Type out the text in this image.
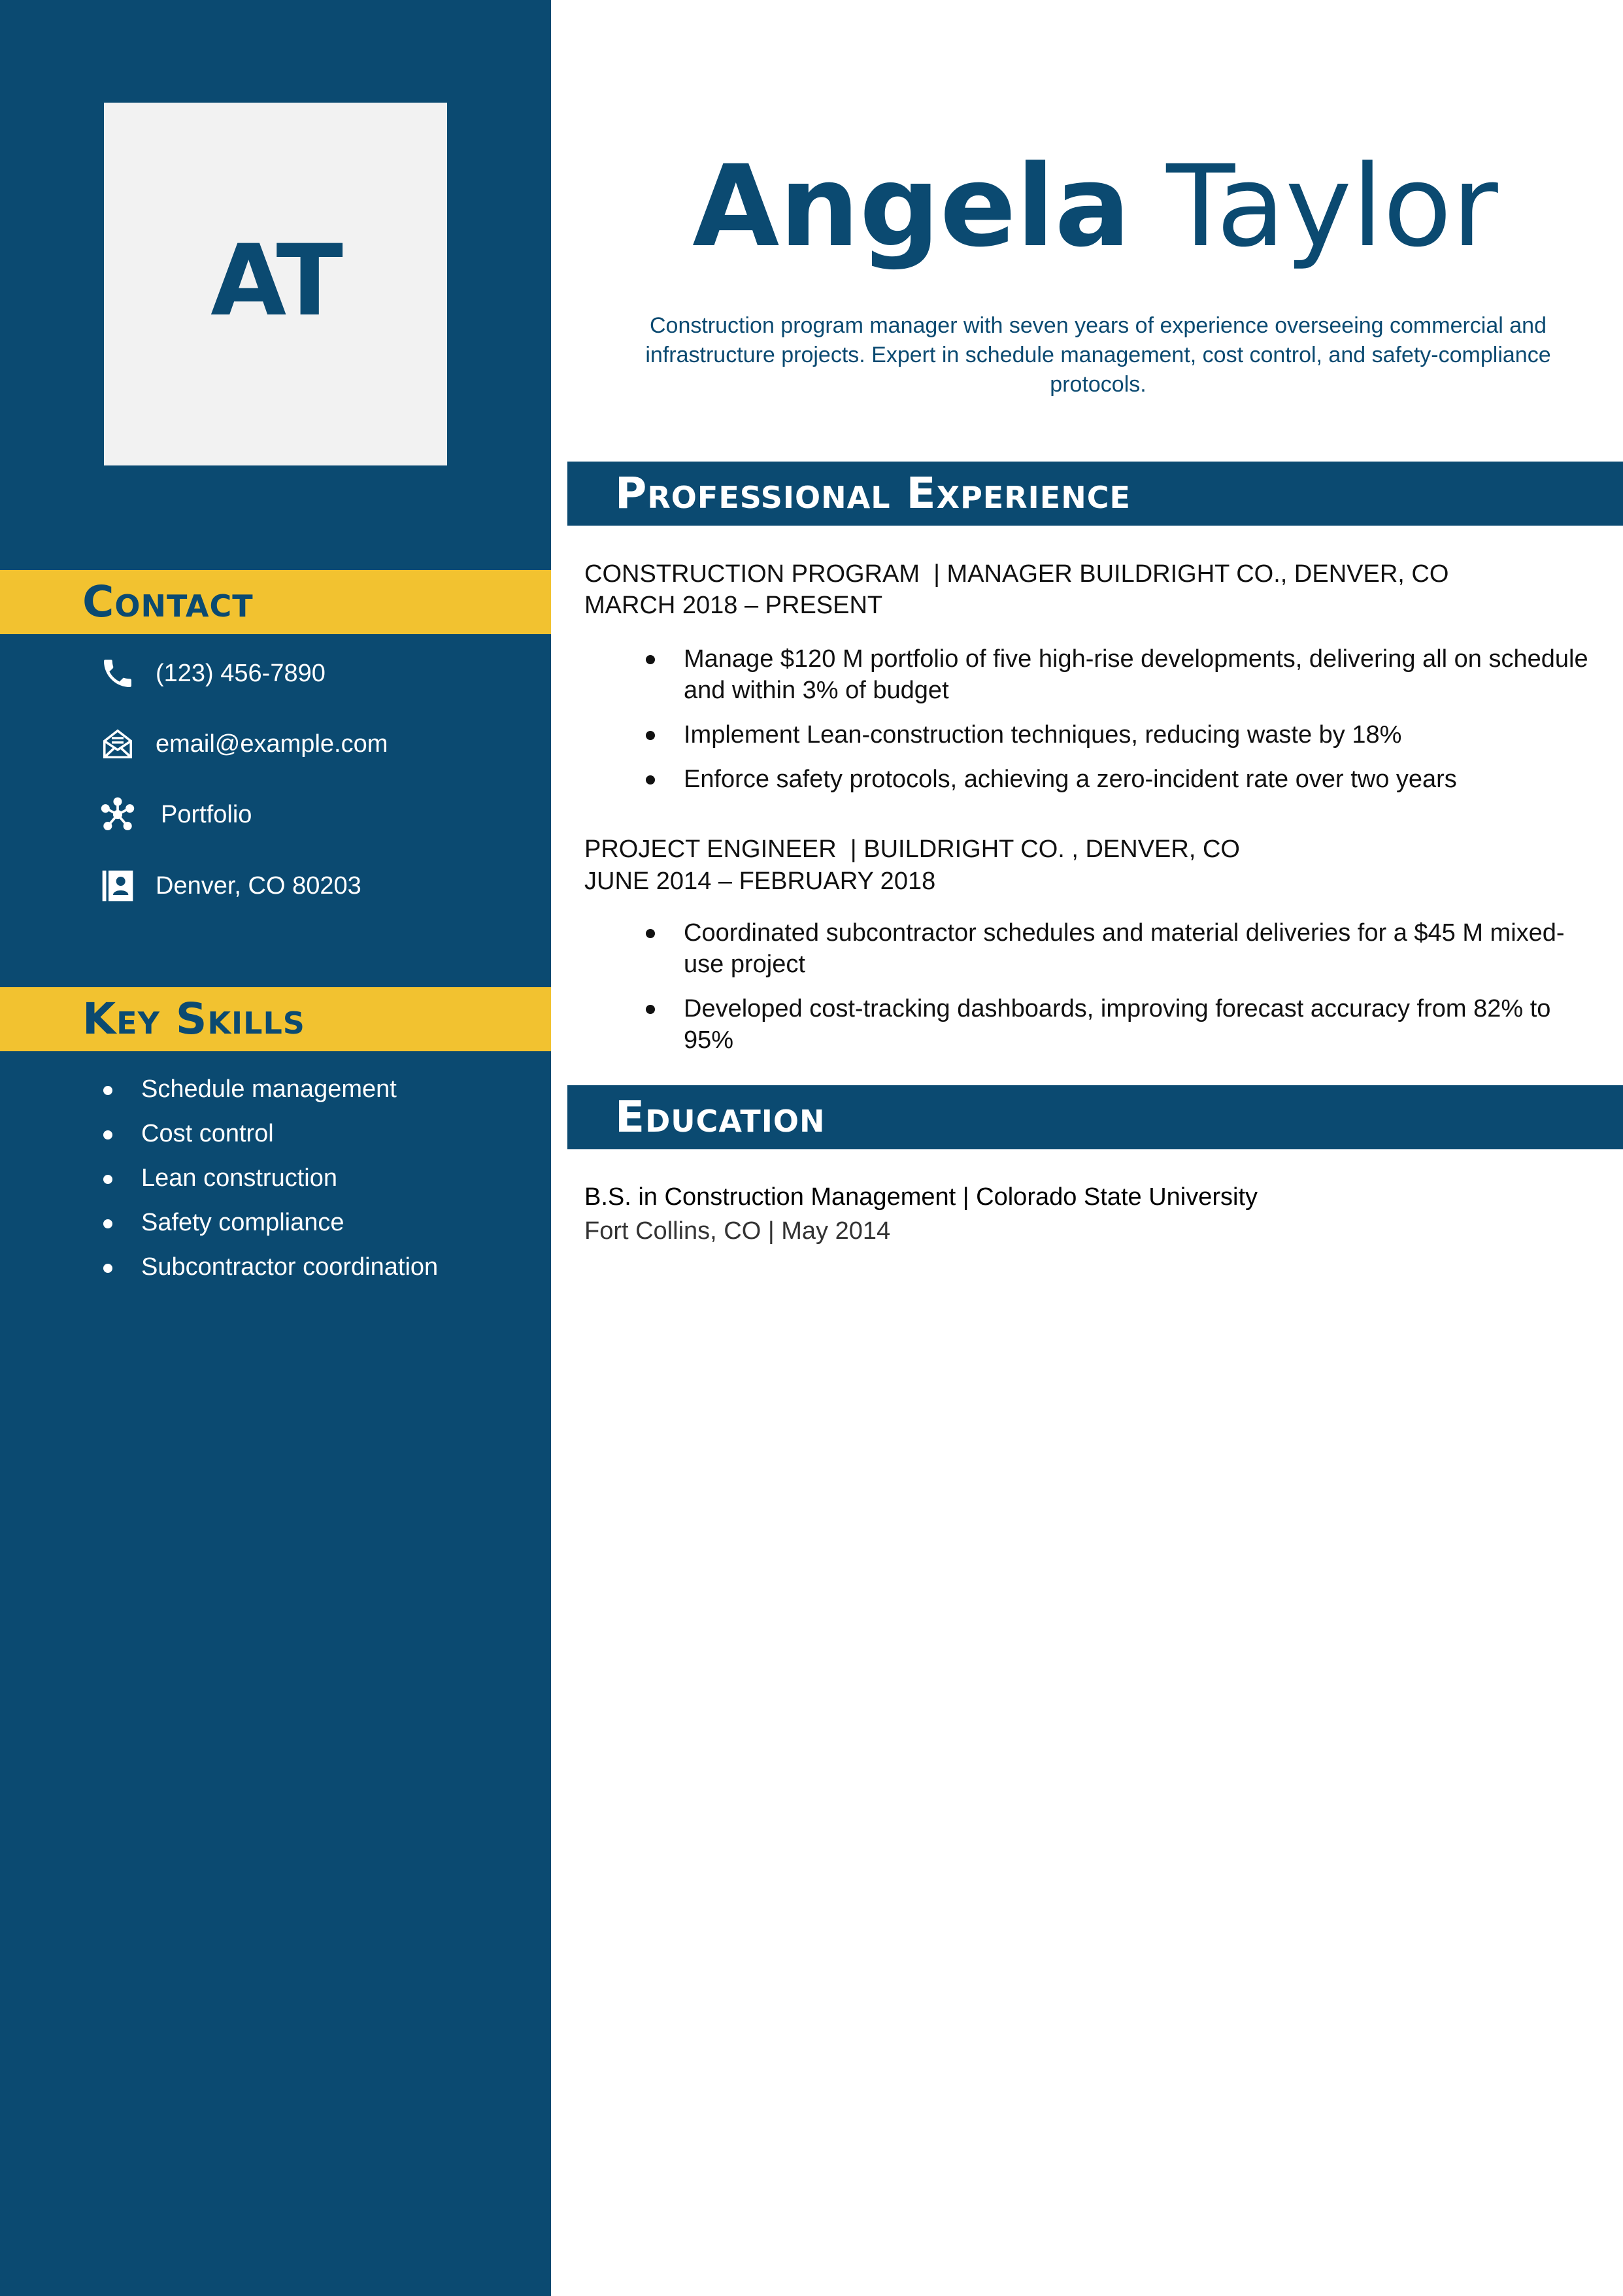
AT
Contact
(123) 456-7890
email@example.com
Portfolio
Denver, CO 80203
Key Skills
Schedule management
Cost control
Lean construction
Safety compliance
Subcontractor coordination
Angela Taylor
Construction program manager with seven years of experience overseeing commercial and infrastructure projects. Expert in schedule management, cost control, and safety-compliance protocols.
Professional Experience
CONSTRUCTION PROGRAM  | MANAGER BUILDRIGHT CO., DENVER, CO
MARCH 2018 – PRESENT
Manage $120 M portfolio of five high-rise developments, delivering all on schedule and within 3% of budget
Implement Lean-construction techniques, reducing waste by 18%
Enforce safety protocols, achieving a zero-incident rate over two years
PROJECT ENGINEER  | BUILDRIGHT CO. , DENVER, CO
JUNE 2014 – FEBRUARY 2018
Coordinated subcontractor schedules and material deliveries for a $45 M mixed-use project
Developed cost-tracking dashboards, improving forecast accuracy from 82% to 95%
Education
B.S. in Construction Management | Colorado State University
Fort Collins, CO | May 2014
